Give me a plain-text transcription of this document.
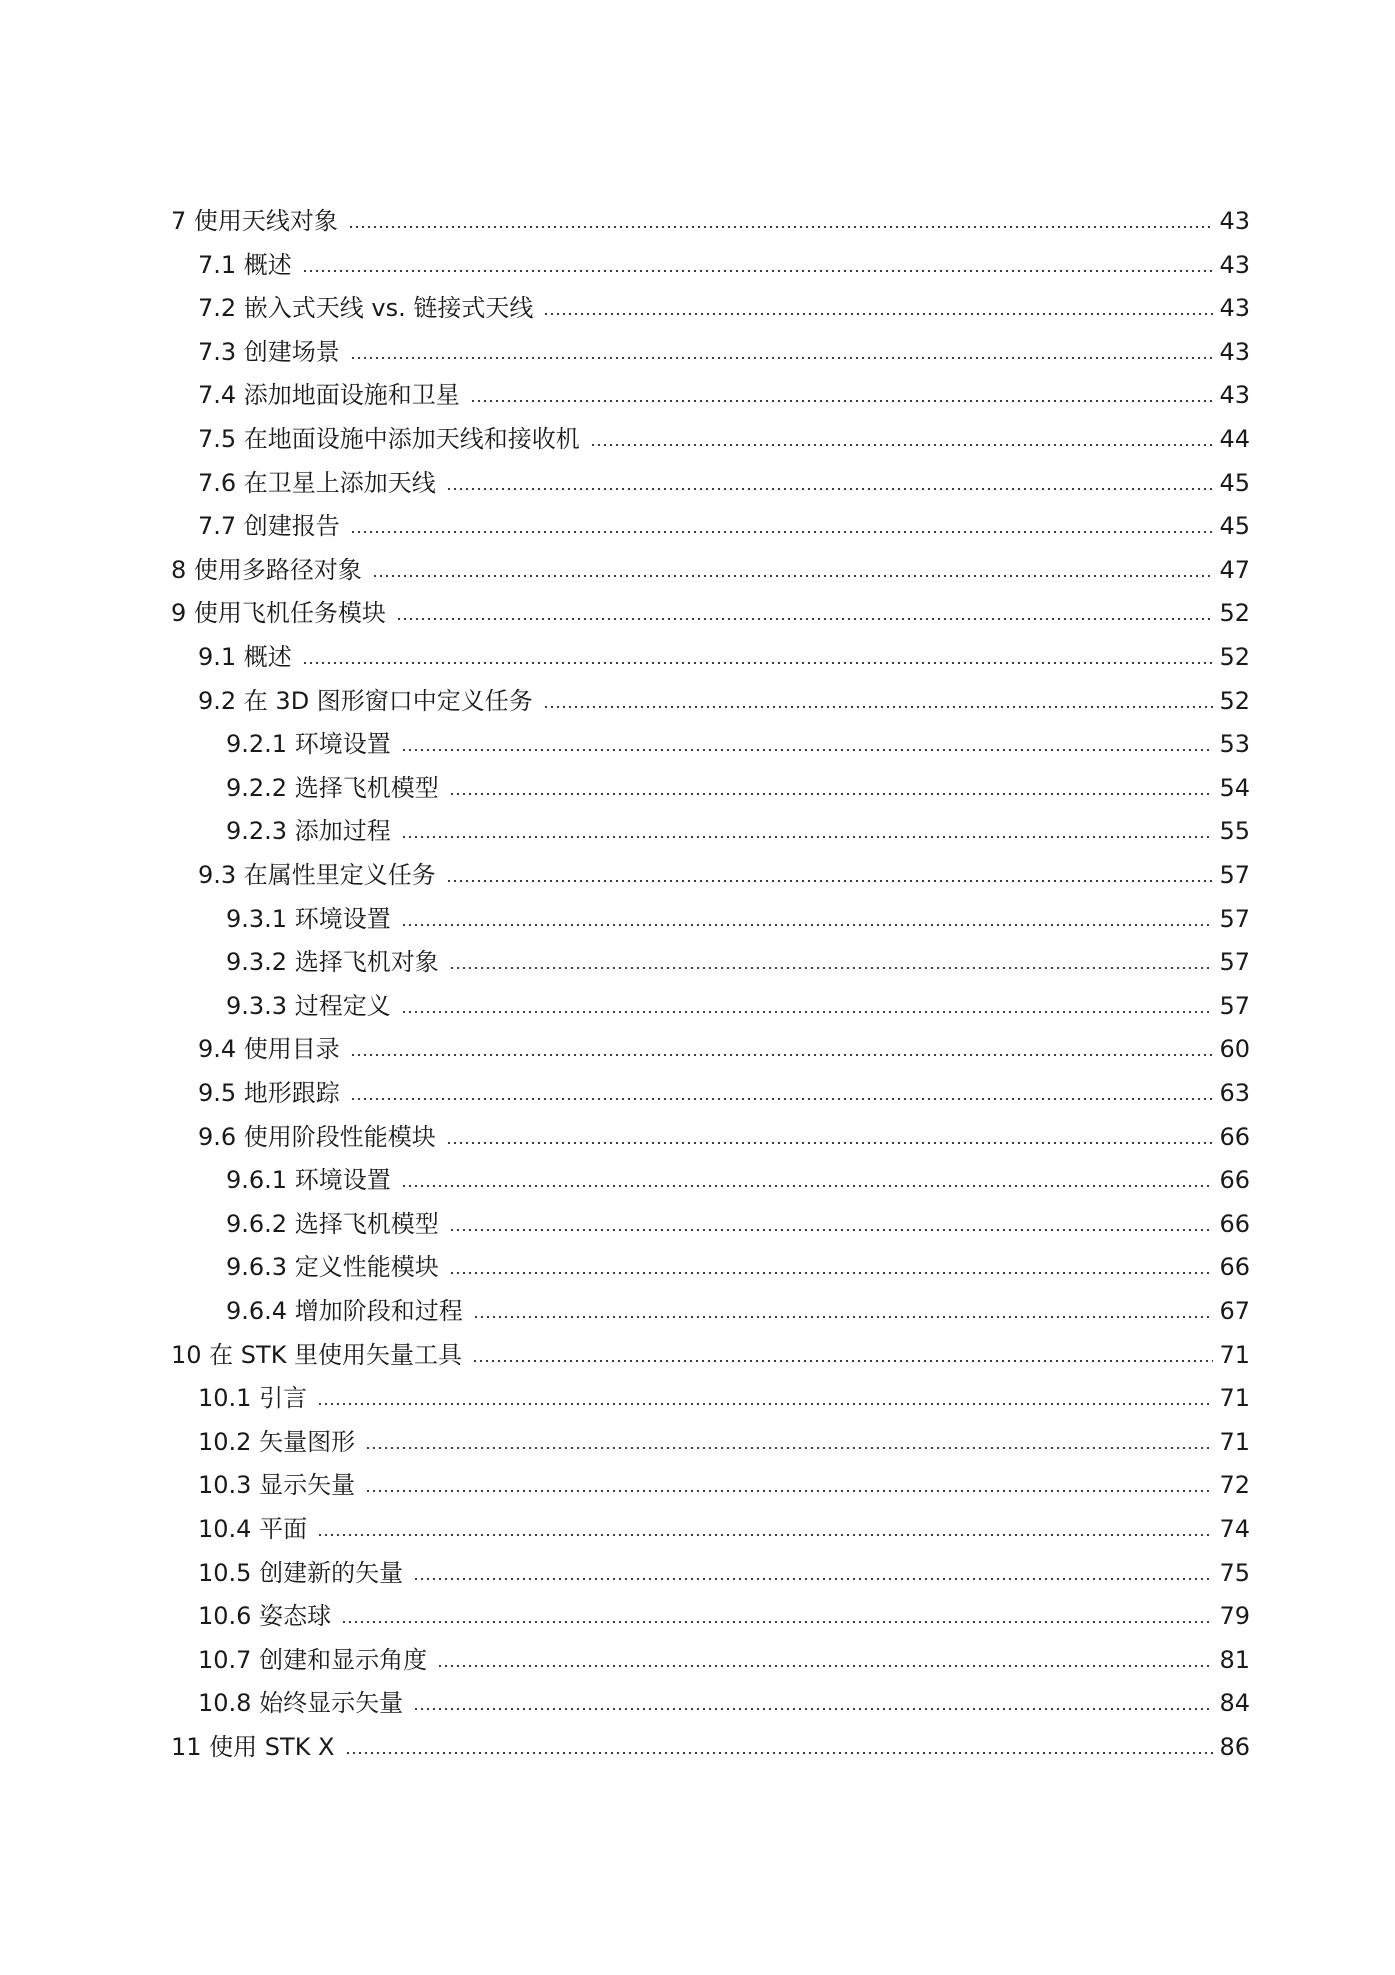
7 使用天线对象	43
7.1 概述	43
7.2 嵌入式天线 vs. 链接式天线	43
7.3 创建场景	43
7.4 添加地面设施和卫星	43
7.5 在地面设施中添加天线和接收机	44
7.6 在卫星上添加天线	45
7.7 创建报告	45
8 使用多路径对象	47
9 使用飞机任务模块	52
9.1 概述	52
9.2 在 3D 图形窗口中定义任务	52
9.2.1 环境设置	53
9.2.2 选择飞机模型	54
9.2.3 添加过程	55
9.3 在属性里定义任务	57
9.3.1 环境设置	57
9.3.2 选择飞机对象	57
9.3.3 过程定义	57
9.4 使用目录	60
9.5 地形跟踪	63
9.6 使用阶段性能模块	66
9.6.1 环境设置	66
9.6.2 选择飞机模型	66
9.6.3 定义性能模块	66
9.6.4 增加阶段和过程	67
10 在 STK 里使用矢量工具	71
10.1 引言	71
10.2 矢量图形	71
10.3 显示矢量	72
10.4 平面	74
10.5 创建新的矢量	75
10.6 姿态球	79
10.7 创建和显示角度	81
10.8 始终显示矢量	84
11 使用 STK X	86
